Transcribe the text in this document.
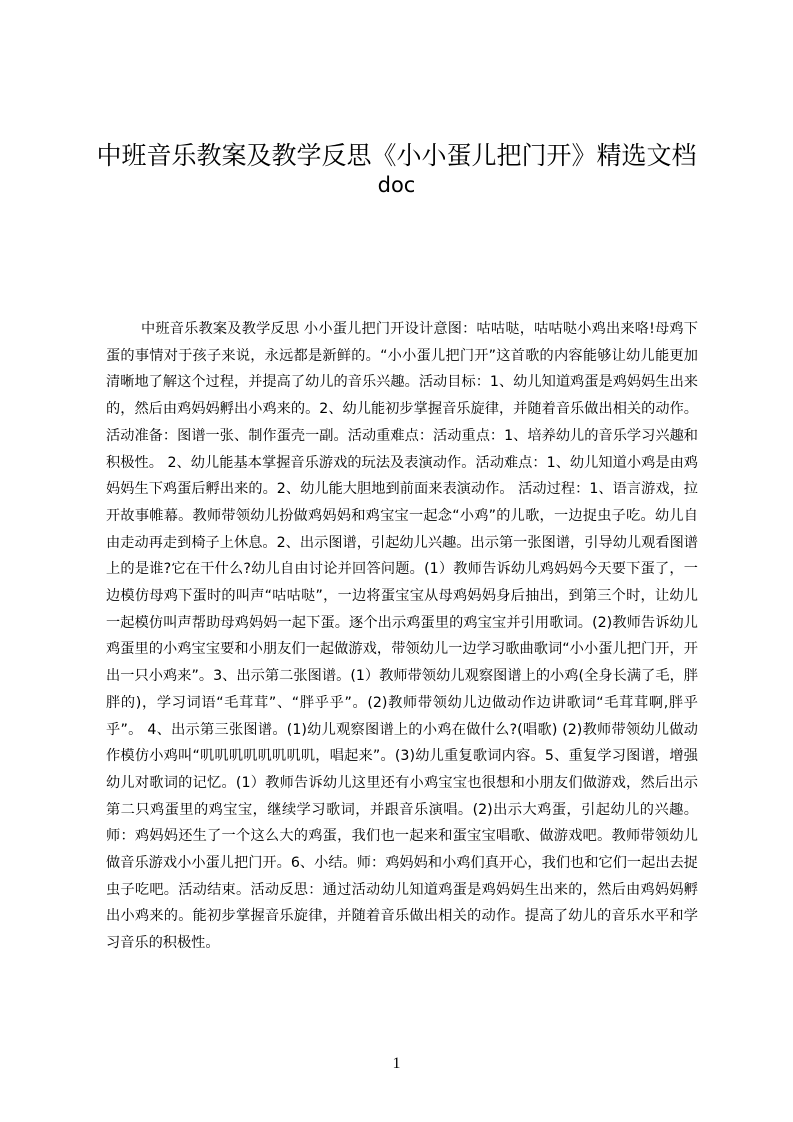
中班音乐教案及教学反思《小小蛋儿把门开》精选文档
doc

中班音乐教案及教学反思 小小蛋儿把门开设计意图：咕咕哒，咕咕哒小鸡出来咯!母鸡下蛋的事情对于孩子来说，永远都是新鲜的。“小小蛋儿把门开”这首歌的内容能够让幼儿能更加清晰地了解这个过程，并提高了幼儿的音乐兴趣。活动目标：1、幼儿知道鸡蛋是鸡妈妈生出来的，然后由鸡妈妈孵出小鸡来的。2、幼儿能初步掌握音乐旋律，并随着音乐做出相关的动作。活动准备：图谱一张、制作蛋壳一副。活动重难点：活动重点：1、培养幼儿的音乐学习兴趣和积极性。 2、幼儿能基本掌握音乐游戏的玩法及表演动作。活动难点：1、幼儿知道小鸡是由鸡妈妈生下鸡蛋后孵出来的。2、幼儿能大胆地到前面来表演动作。 活动过程：1、语言游戏，拉开故事帷幕。教师带领幼儿扮做鸡妈妈和鸡宝宝一起念“小鸡”的儿歌，一边捉虫子吃。幼儿自由走动再走到椅子上休息。2、出示图谱，引起幼儿兴趣。出示第一张图谱，引导幼儿观看图谱上的是谁?它在干什么?幼儿自由讨论并回答问题。(1）教师告诉幼儿鸡妈妈今天要下蛋了，一边模仿母鸡下蛋时的叫声“咕咕哒”，一边将蛋宝宝从母鸡妈妈身后抽出，到第三个时，让幼儿一起模仿叫声帮助母鸡妈妈一起下蛋。逐个出示鸡蛋里的鸡宝宝并引用歌词。(2)教师告诉幼儿鸡蛋里的小鸡宝宝要和小朋友们一起做游戏，带领幼儿一边学习歌曲歌词“小小蛋儿把门开，开出一只小鸡来”。3、出示第二张图谱。(1）教师带领幼儿观察图谱上的小鸡(全身长满了毛，胖胖的)，学习词语“毛茸茸”、“胖乎乎”。(2)教师带领幼儿边做动作边讲歌词“毛茸茸啊,胖乎乎”。 4、出示第三张图谱。(1)幼儿观察图谱上的小鸡在做什么?(唱歌) (2)教师带领幼儿做动作模仿小鸡叫“叽叽叽叽叽叽叽叽，唱起来”。(3)幼儿重复歌词内容。5、重复学习图谱，增强幼儿对歌词的记忆。(1）教师告诉幼儿这里还有小鸡宝宝也很想和小朋友们做游戏，然后出示第二只鸡蛋里的鸡宝宝，继续学习歌词，并跟音乐演唱。(2)出示大鸡蛋，引起幼儿的兴趣。师：鸡妈妈还生了一个这么大的鸡蛋，我们也一起来和蛋宝宝唱歌、做游戏吧。教师带领幼儿做音乐游戏小小蛋儿把门开。6、小结。师：鸡妈妈和小鸡们真开心，我们也和它们一起出去捉虫子吃吧。活动结束。活动反思：通过活动幼儿知道鸡蛋是鸡妈妈生出来的，然后由鸡妈妈孵出小鸡来的。能初步掌握音乐旋律，并随着音乐做出相关的动作。提高了幼儿的音乐水平和学习音乐的积极性。

1
